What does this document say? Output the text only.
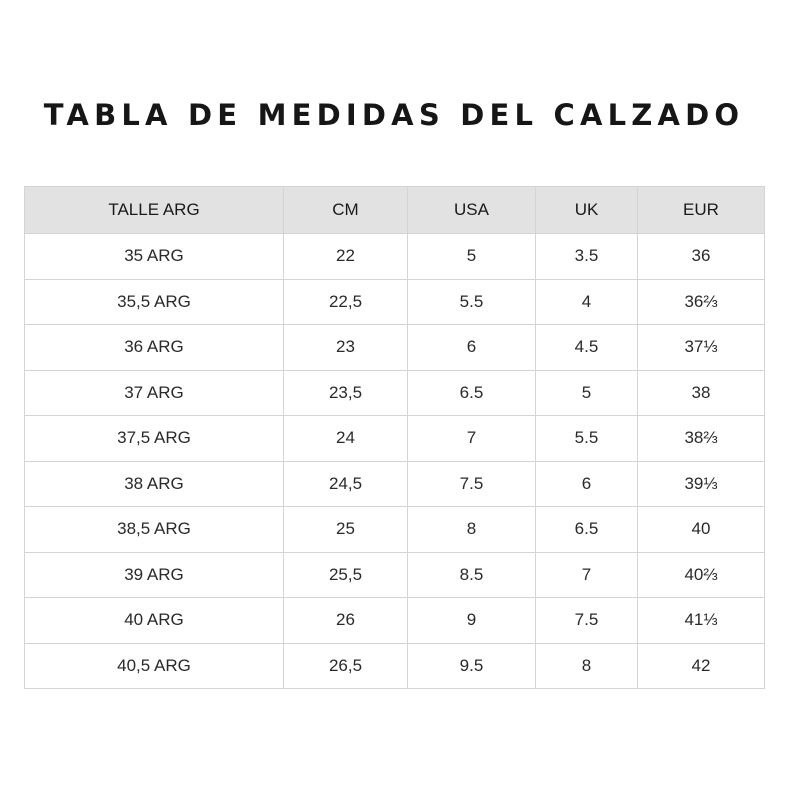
TABLA DE MEDIDAS DEL CALZADO
TALLE ARG	CM	USA	UK	EUR
35 ARG	22	5	3.5	36
35,5 ARG	22,5	5.5	4	36⅔
36 ARG	23	6	4.5	37⅓
37 ARG	23,5	6.5	5	38
37,5 ARG	24	7	5.5	38⅔
38 ARG	24,5	7.5	6	39⅓
38,5 ARG	25	8	6.5	40
39 ARG	25,5	8.5	7	40⅔
40 ARG	26	9	7.5	41⅓
40,5 ARG	26,5	9.5	8	42
